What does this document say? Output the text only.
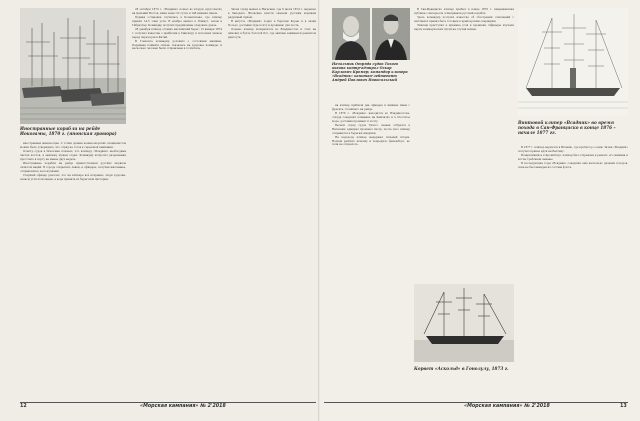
Иностранные корабли на рейде Иокогамы, 1870 г. (японская гравюра)

иностранных миноносцев. С точки зрения военно-морских специалистов можно было утверждать, что отряд не готов к серьёзной кампании.

Осмотр судов в Иокогаме показал, что клиперу «Всадник» необходима чистка котлов, а экипажу нужен отдых. Командир испросил разрешения простоять в порту не менее двух недель.

Иностранные корабли на рейде приветствовали русских моряков салютом наций. В городе открылись лавки, и офицеры, получив жалованье, отправлялись за покупками.

Старший офицер доносил, что на клипере всё исправно, люди здоровы, запасы угля пополнены, а вода принята из береговой цистерны.

28 октября 1873 г. «Всадник» пошёл во вторую кругосветку на Дальний Восток, имея запас 22 суток и 148 нижних чинов.

Первая остановка случилась в Копенгагене, где клипер принял 14,5 тонн угля. В ноябре вышел в Плимут, затем в Гибралтар. Командир получил предписание следовать далее.

28 декабря клипер оставил английский берег; 12 января 1874 г. получил известие о прибытии в Сингапур и пополнил запасы перед переходом в Китай.

В Гонконге командир доложил о состоянии машины. Перемена климата сильно сказалась на здоровье команды, и несколько человек были отправлены в госпиталь.

Затем отряд вышел в Нагасаки, где 6 июля 1874 г. перешёл в Хакодате. Японские власти оказали русским морякам радушный приём.

В августе «Всадник» ходил к берегам Кореи и в залив Посьет, доставив туда почту и провизию для поста.

Осенью клипер возвратился во Владивосток и стал на зимовку в бухте Золотой Рог, где экипаж занимался ремонтом рангоута.

12	«Морская кампания» № 2'2018
Начальник Отряда судов Тихого океана контр-адмирал Оскар Карлович Кремер; командир клипера «Всадник» капитан-лейтенант Андрей Павлович Новосильский

на клипер прибыли два офицера и нижние чины с фрегата, стоявшего на рейде.

В 1876 г. «Всадник» находился во Владивостоке, откуда совершил плавание на Камчатку и в Охотское море, доставив провиант и почту.

Весной отряд судов Тихого океана собрался в Нагасаки; адмирал произвёл смотр, после чего клипер отправился к берегам Америки.

На переходе клипер выдержал сильный шторм. Волной разбило шлюпку и повредило фальшборт, но течи не открылось.

В Сан-Франциско клипер прибыл в конце 1876 г. Американская публика с интересом осматривала русский корабль.

Здесь командир получил известие об обострении отношений с Англией и приказ быть готовым к крейсерским операциям.

Экипаж приступил к приёмке угля и провизии. Офицеры изучали карты коммерческих путей на случай войны.

Корвет «Аскольд» в Гонолулу, 1873 г.
Винтовой клипер «Всадник» во время похода в Сан-Франциско в конце 1876 – начале 1877 гг.

В 1877 г. клипер вернулся в Японию, где пробыл до осени. Затем «Всадник» получил приказ идти на Балтику.

Возвратившись в Кронштадт, клипер был отправлен в ремонт; его машина и котлы требовали замены.

В последующие годы «Всадник» совершил ещё несколько дальних походов, пока не был выведен из состава флота.

«Морская кампания» № 2'2018	13
